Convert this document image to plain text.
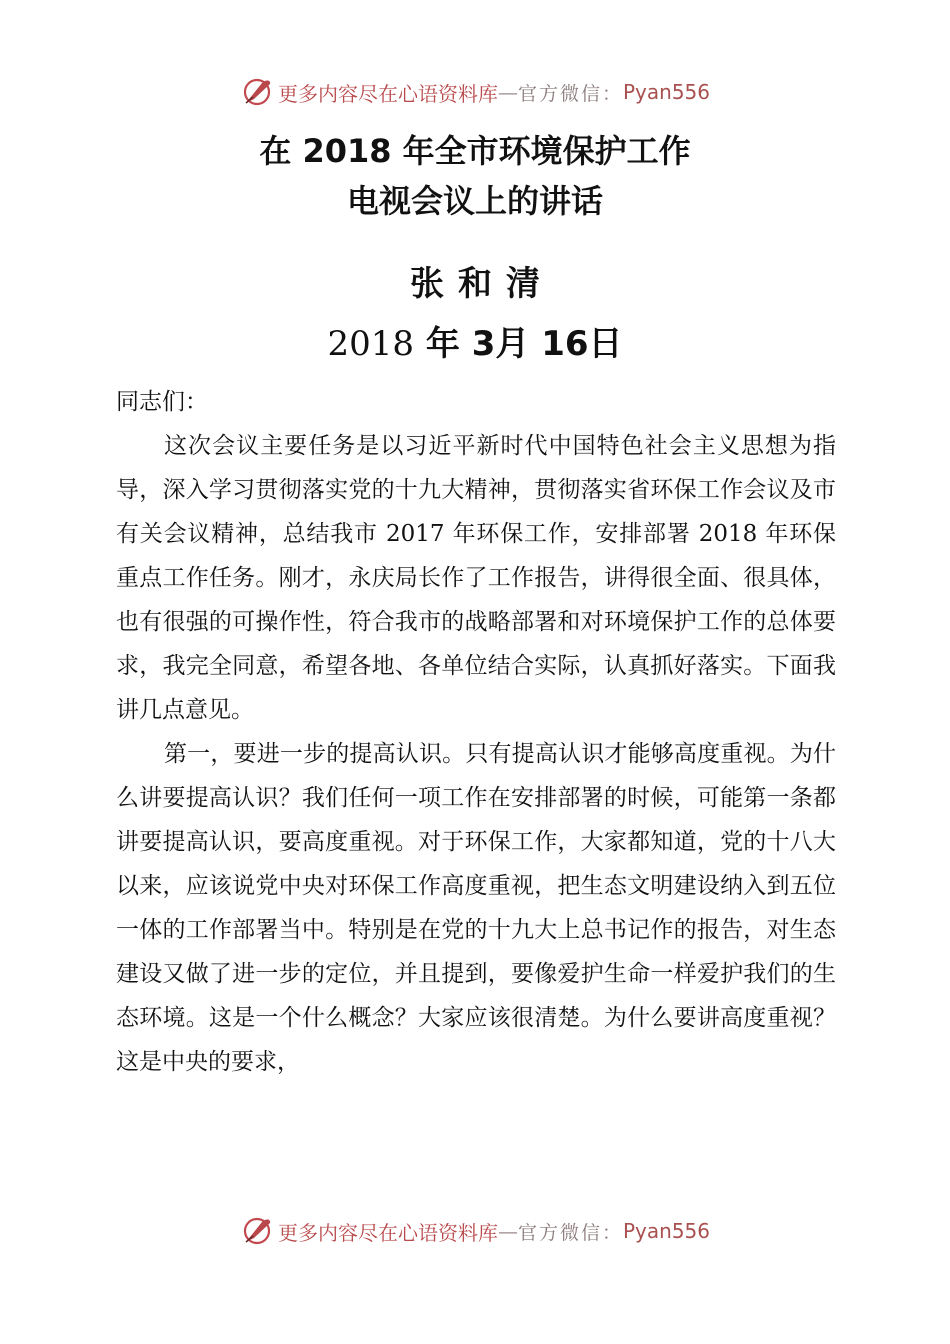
更多内容尽在心语资料库 — 官方微信： Pyan556
在 2018 年全市环境保护工作
电视会议上的讲话
张和清
2018 年 3月 16日

同志们：

这次会议主要任务是以习近平新时代中国特色社会主义思想为指导，深入学习贯彻落实党的十九大精神，贯彻落实省环保工作会议及市有关会议精神，总结我市 2017 年环保工作，安排部署 2018 年环保重点工作任务。刚才，永庆局长作了工作报告，讲得很全面、很具体，也有很强的可操作性，符合我市的战略部署和对环境保护工作的总体要求，我完全同意，希望各地、各单位结合实际，认真抓好落实。下面我讲几点意见。

第一，要进一步的提高认识。只有提高认识才能够高度重视。为什么讲要提高认识？我们任何一项工作在安排部署的时候，可能第一条都讲要提高认识，要高度重视。对于环保工作，大家都知道，党的十八大以来，应该说党中央对环保工作高度重视，把生态文明建设纳入到五位一体的工作部署当中。特别是在党的十九大上总书记作的报告，对生态建设又做了进一步的定位，并且提到，要像爱护生命一样爱护我们的生态环境。这是一个什么概念？大家应该很清楚。为什么要讲高度重视？这是中央的要求，

更多内容尽在心语资料库 — 官方微信： Pyan556
